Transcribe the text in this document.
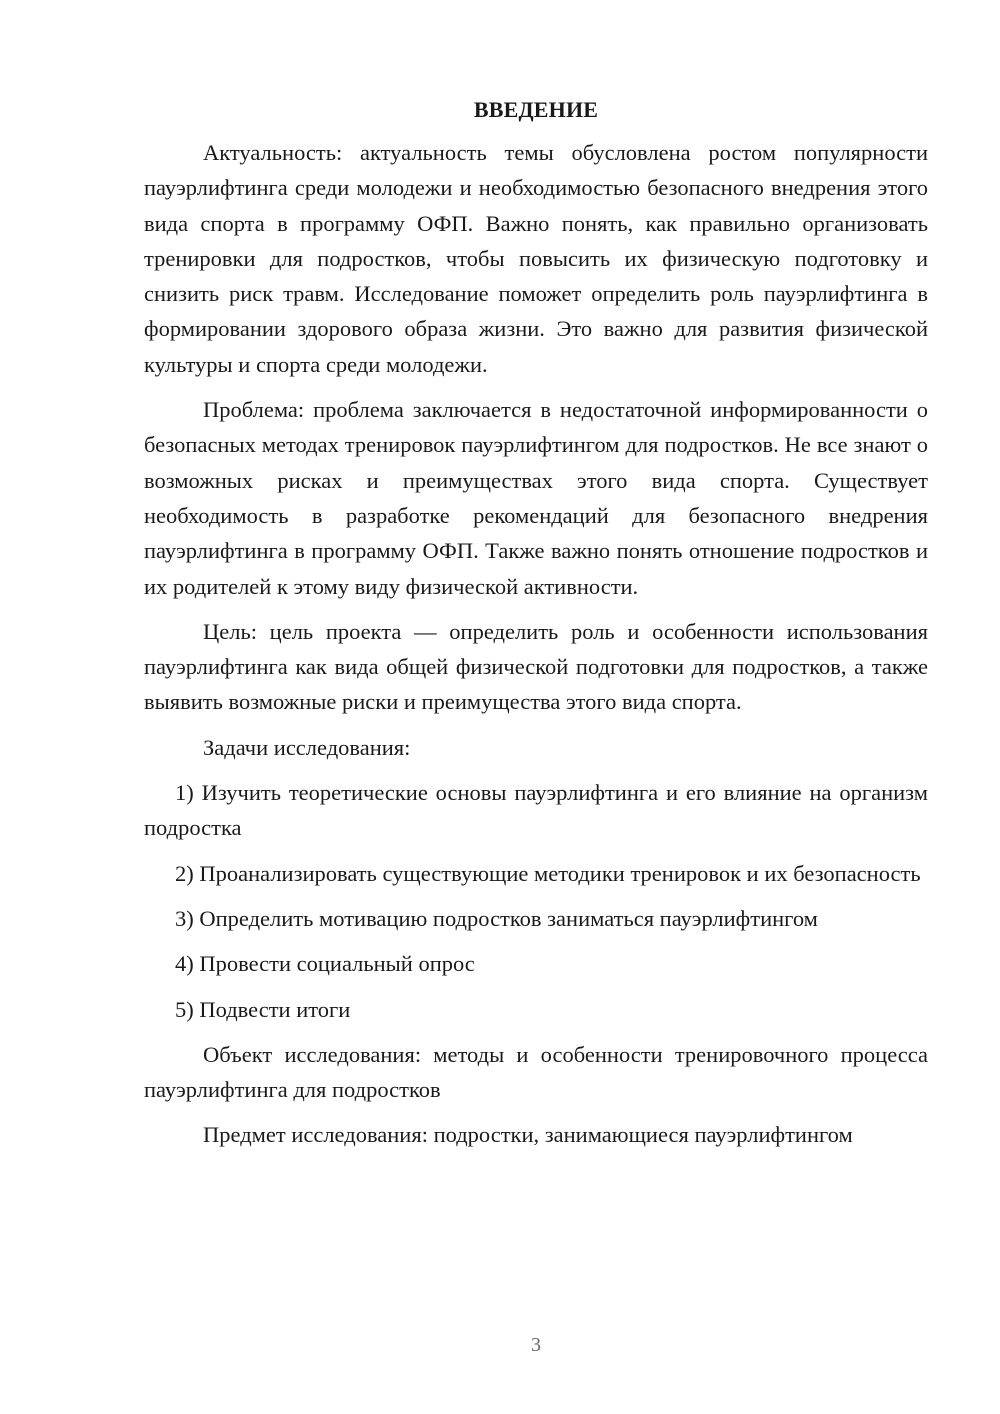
ВВЕДЕНИЕ

Актуальность: актуальность темы обусловлена ростом популярности пауэрлифтинга среди молодежи и необходимостью безопасного внедрения этого вида спорта в программу ОФП. Важно понять, как правильно организовать тренировки для подростков, чтобы повысить их физическую подготовку и снизить риск травм. Исследование поможет определить роль пауэрлифтинга в формировании здорового образа жизни. Это важно для развития физической культуры и спорта среди молодежи.

Проблема: проблема заключается в недостаточной информированности о безопасных методах тренировок пауэрлифтингом для подростков. Не все знают о возможных рисках и преимуществах этого вида спорта. Существует необходимость в разработке рекомендаций для безопасного внедрения пауэрлифтинга в программу ОФП. Также важно понять отношение подростков и их родителей к этому виду физической активности.

Цель: цель проекта — определить роль и особенности использования пауэрлифтинга как вида общей физической подготовки для подростков, а также выявить возможные риски и преимущества этого вида спорта.

Задачи исследования:

1) Изучить теоретические основы пауэрлифтинга и его влияние на организм подростка

2) Проанализировать существующие методики тренировок и их безопасность

3) Определить мотивацию подростков заниматься пауэрлифтингом

4) Провести социальный опрос

5) Подвести итоги

Объект исследования: методы и особенности тренировочного процесса пауэрлифтинга для подростков

Предмет исследования: подростки, занимающиеся пауэрлифтингом

3
